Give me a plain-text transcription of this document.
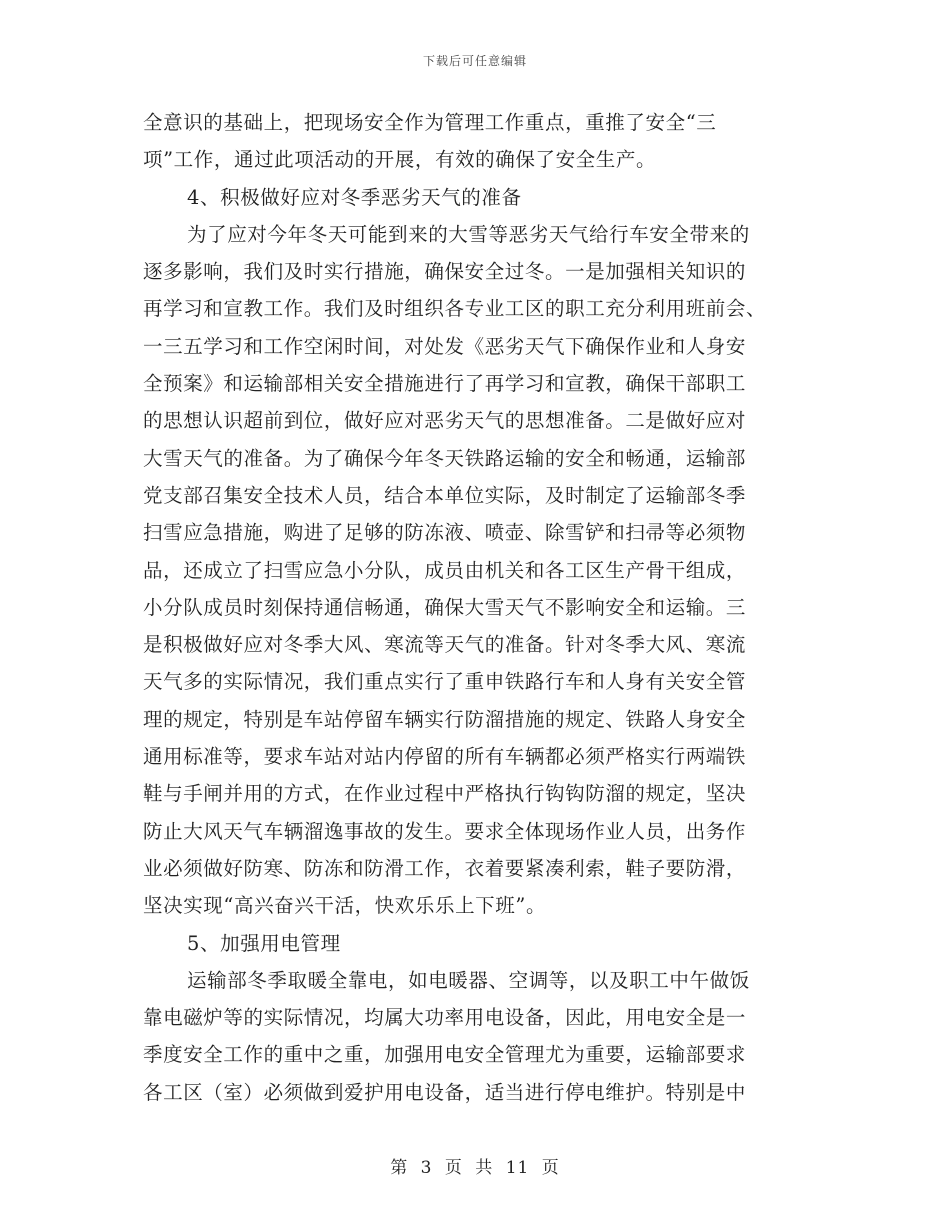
下载后可任意编辑
全意识的基础上，把现场安全作为管理工作重点，重推了安全“三
项”工作，通过此项活动的开展，有效的确保了安全生产。
4、积极做好应对冬季恶劣天气的准备
为了应对今年冬天可能到来的大雪等恶劣天气给行车安全带来的
逐多影响，我们及时实行措施，确保安全过冬。一是加强相关知识的
再学习和宣教工作。我们及时组织各专业工区的职工充分利用班前会、
一三五学习和工作空闲时间，对处发《恶劣天气下确保作业和人身安
全预案》和运输部相关安全措施进行了再学习和宣教，确保干部职工
的思想认识超前到位，做好应对恶劣天气的思想准备。二是做好应对
大雪天气的准备。为了确保今年冬天铁路运输的安全和畅通，运输部
党支部召集安全技术人员，结合本单位实际，及时制定了运输部冬季
扫雪应急措施，购进了足够的防冻液、喷壶、除雪铲和扫帚等必须物
品，还成立了扫雪应急小分队，成员由机关和各工区生产骨干组成，
小分队成员时刻保持通信畅通，确保大雪天气不影响安全和运输。三
是积极做好应对冬季大风、寒流等天气的准备。针对冬季大风、寒流
天气多的实际情况，我们重点实行了重申铁路行车和人身有关安全管
理的规定，特别是车站停留车辆实行防溜措施的规定、铁路人身安全
通用标准等，要求车站对站内停留的所有车辆都必须严格实行两端铁
鞋与手闸并用的方式，在作业过程中严格执行钩钩防溜的规定，坚决
防止大风天气车辆溜逸事故的发生。要求全体现场作业人员，出务作
业必须做好防寒、防冻和防滑工作，衣着要紧凑利索，鞋子要防滑，
坚决实现“高兴奋兴干活，快欢乐乐上下班”。
5、加强用电管理
运输部冬季取暖全靠电，如电暖器、空调等，以及职工中午做饭
靠电磁炉等的实际情况，均属大功率用电设备，因此，用电安全是一
季度安全工作的重中之重，加强用电安全管理尤为重要，运输部要求
各工区（室）必须做到爱护用电设备，适当进行停电维护。特别是中
第 3 页 共 11 页
